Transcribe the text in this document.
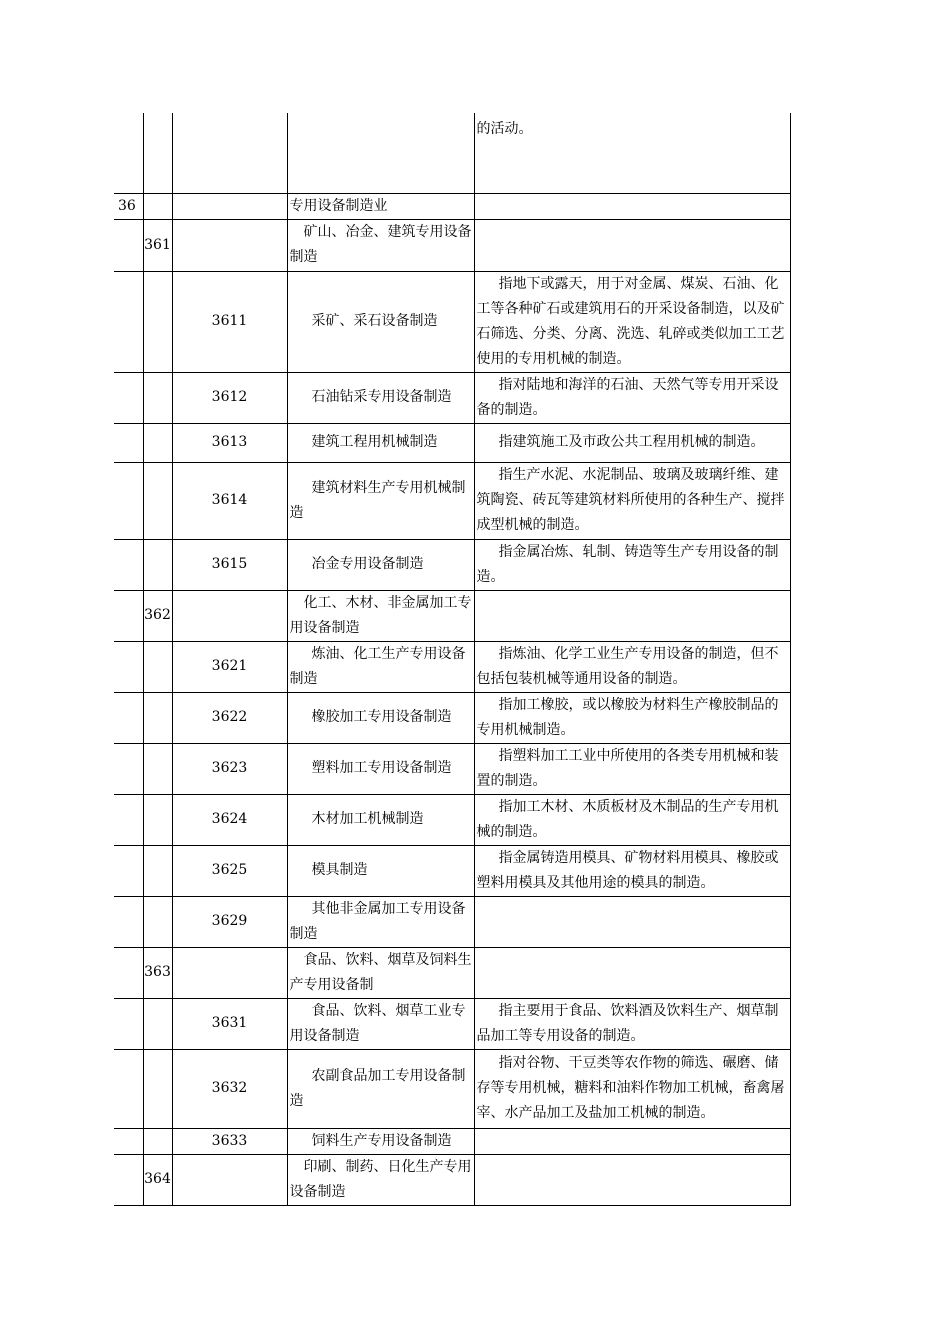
				的活动。
36			专用设备制造业	
	361		矿山、冶金、建筑专用设备制造	
		3611	采矿、采石设备制造	指地下或露天，用于对金属、煤炭、石油、化工等各种矿石或建筑用石的开采设备制造，以及矿石筛选、分类、分离、洗选、轧碎或类似加工工艺使用的专用机械的制造。
		3612	石油钻采专用设备制造	指对陆地和海洋的石油、天然气等专用开采设备的制造。
		3613	建筑工程用机械制造	指建筑施工及市政公共工程用机械的制造。
		3614	建筑材料生产专用机械制造	指生产水泥、水泥制品、玻璃及玻璃纤维、建筑陶瓷、砖瓦等建筑材料所使用的各种生产、搅拌成型机械的制造。
		3615	冶金专用设备制造	指金属冶炼、轧制、铸造等生产专用设备的制造。
	362		化工、木材、非金属加工专用设备制造	
		3621	炼油、化工生产专用设备制造	指炼油、化学工业生产专用设备的制造，但不包括包装机械等通用设备的制造。
		3622	橡胶加工专用设备制造	指加工橡胶，或以橡胶为材料生产橡胶制品的专用机械制造。
		3623	塑料加工专用设备制造	指塑料加工工业中所使用的各类专用机械和装置的制造。
		3624	木材加工机械制造	指加工木材、木质板材及木制品的生产专用机械的制造。
		3625	模具制造	指金属铸造用模具、矿物材料用模具、橡胶或塑料用模具及其他用途的模具的制造。
		3629	其他非金属加工专用设备制造	
	363		食品、饮料、烟草及饲料生产专用设备制	
		3631	食品、饮料、烟草工业专用设备制造	指主要用于食品、饮料酒及饮料生产、烟草制品加工等专用设备的制造。
		3632	农副食品加工专用设备制造	指对谷物、干豆类等农作物的筛选、碾磨、储存等专用机械，糖料和油料作物加工机械，畜禽屠宰、水产品加工及盐加工机械的制造。
		3633	饲料生产专用设备制造	
	364		印刷、制药、日化生产专用设备制造	
